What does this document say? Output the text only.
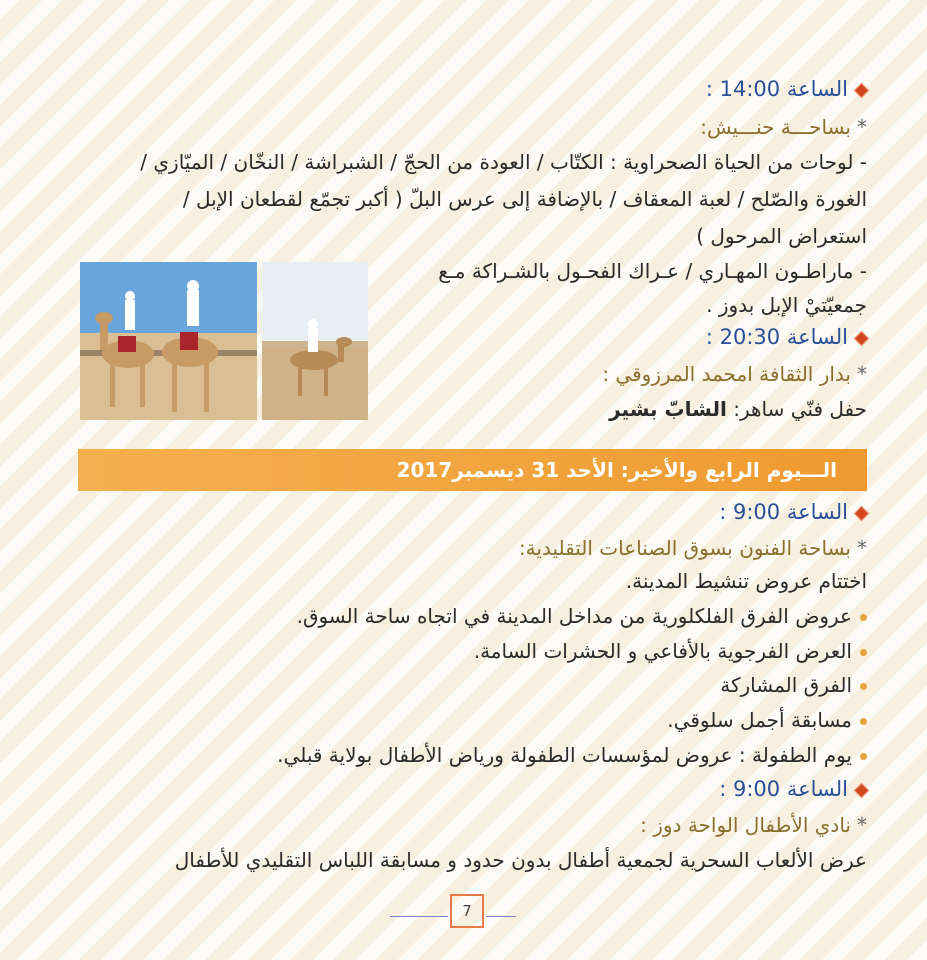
الساعة 14:00 :
*بساحـــة حنـــيش:
- لوحات من الحياة الصحراوية : الكتّاب / العودة من الحجّ / الشبراشة / النخّان / الميّازي /
الغورة والصّلح / لعبة المعقاف / بالإضافة إلى عرس البلّ ( أكبر تجمّع لقطعان الإبل /
استعراض المرحول )
- ماراطـون المهـاري / عـراك الفحـول بالشـراكة مـع
جمعيّتيْ الإبل بدوز .
الساعة 20:30 :
*بدار الثقافة امحمد المرزوقي :
حفل فنّي ساهر: الشابّ بشير
الـــيوم الرابع والأخير: الأحد 31 ديسمبر2017
الساعة 9:00 :
*بساحة الفنون بسوق الصناعات التقليدية:
اختتام عروض تنشيط المدينة.
عروض الفرق الفلكلورية من مداخل المدينة في اتجاه ساحة السوق.
العرض الفرجوية بالأفاعي و الحشرات السامة.
الفرق المشاركة
مسابقة أجمل سلوقي.
يوم الطفولة : عروض لمؤسسات الطفولة ورياض الأطفال بولاية قبلي.
الساعة 9:00 :
*نادي الأطفال الواحة دوز :
عرض الألعاب السحرية لجمعية أطفال بدون حدود و مسابقة اللباس التقليدي للأطفال
7
